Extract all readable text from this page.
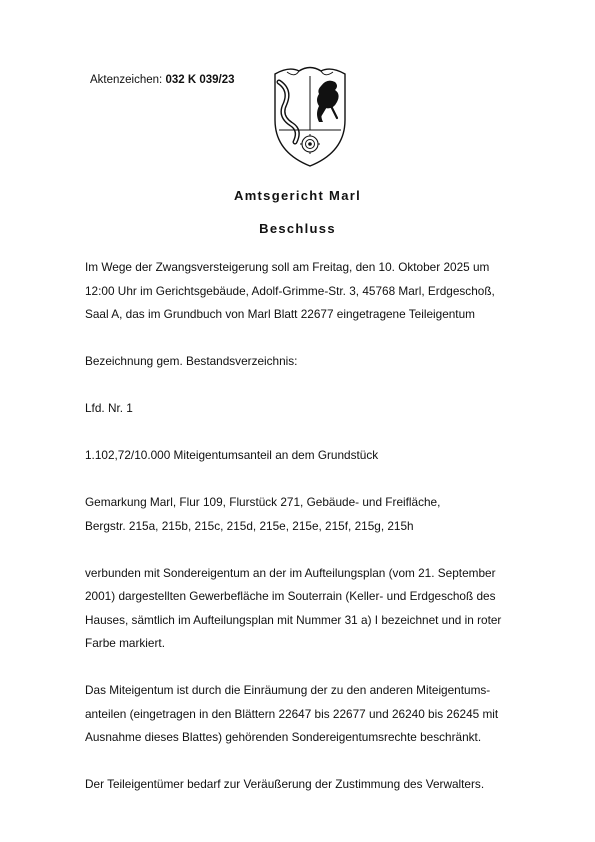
Aktenzeichen: 032 K 039/23
Amtsgericht Marl
Beschluss

Im Wege der Zwangsversteigerung soll am Freitag, den 10. Oktober 2025 um

12:00 Uhr im Gerichtsgebäude, Adolf-Grimme-Str. 3, 45768 Marl, Erdgeschoß,

Saal A, das im Grundbuch von Marl Blatt 22677 eingetragene Teileigentum

Bezeichnung gem. Bestandsverzeichnis:

Lfd. Nr. 1

1.102,72/10.000 Miteigentumsanteil an dem Grundstück

Gemarkung Marl, Flur 109, Flurstück 271, Gebäude- und Freifläche,

Bergstr. 215a, 215b, 215c, 215d, 215e, 215e, 215f, 215g, 215h

verbunden mit Sondereigentum an der im Aufteilungsplan (vom 21. September

2001) dargestellten Gewerbefläche im Souterrain (Keller- und Erdgeschoß des

Hauses, sämtlich im Aufteilungsplan mit Nummer 31 a) I bezeichnet und in roter

Farbe markiert.

Das Miteigentum ist durch die Einräumung der zu den anderen Miteigentums-

anteilen (eingetragen in den Blättern 22647 bis 22677 und 26240 bis 26245 mit

Ausnahme dieses Blattes) gehörenden Sondereigentumsrechte beschränkt.

Der Teileigentümer bedarf zur Veräußerung der Zustimmung des Verwalters.
